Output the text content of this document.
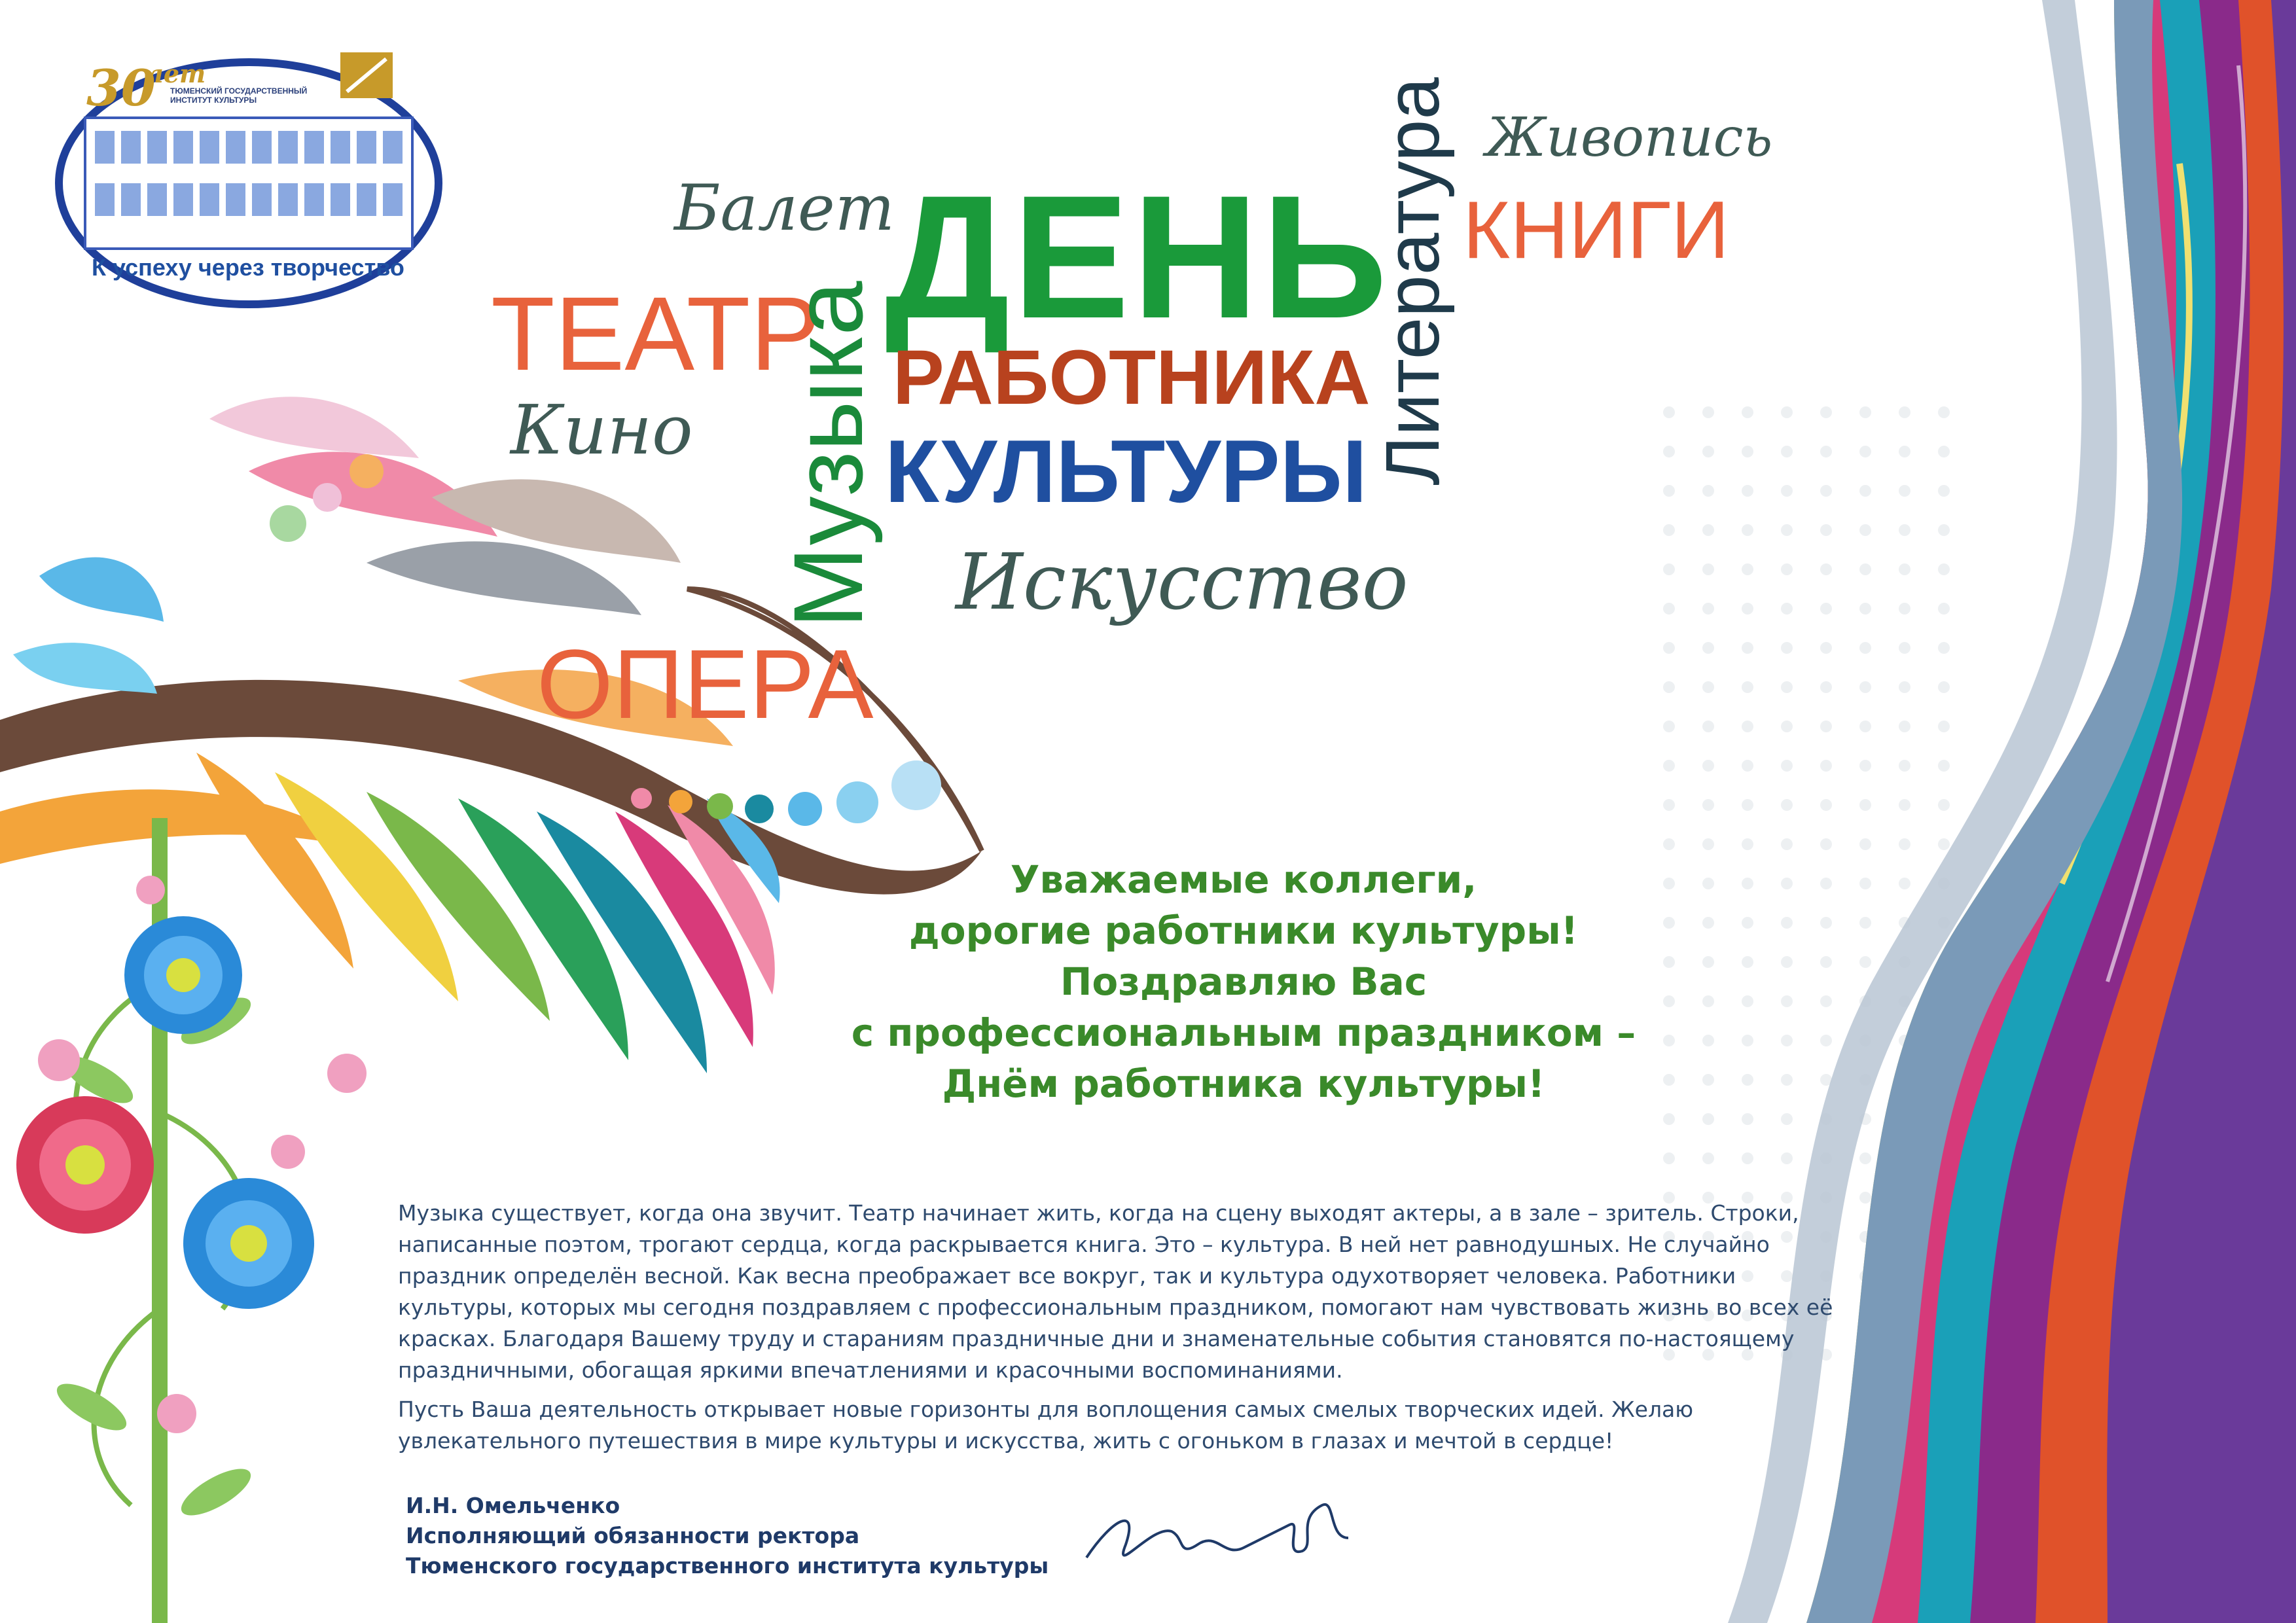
30
лет
ТЮМЕНСКИЙ ГОСУДАРСТВЕННЫЙ ИНСТИТУТ КУЛЬТУРЫ
К успеху через творчество	ДЕНЬ
РАБОТНИКА
КУЛЬТУРЫ
Балет
ТЕАТР
Кино Музыка Искусство
ОПЕРА
Литература Живопись
КНИГИ
Уважаемые коллеги,
дорогие работники культуры!
Поздравляю Вас
с профессиональным праздником –
Днём работника культуры!

Музыка существует, когда она звучит. Театр начинает жить, когда на сцену выходят актеры, а в зале – зритель. Строки, написанные поэтом, трогают сердца, когда раскрывается книга. Это – культура. В ней нет равнодушных. Не случайно праздник определён весной. Как весна преображает все вокруг, так и культура одухотворяет человека. Работники культуры, которых мы сегодня поздравляем с профессиональным праздником, помогают нам чувствовать жизнь во всех её красках. Благодаря Вашему труду и стараниям праздничные дни и знаменательные события становятся по-настоящему праздничными, обогащая яркими впечатлениями и красочными воспоминаниями.

Пусть Ваша деятельность открывает новые горизонты для воплощения самых смелых творческих идей. Желаю увлекательного путешествия в мире культуры и искусства, жить с огоньком в глазах и мечтой в сердце!

И.Н. Омельченко
Исполняющий обязанности ректора
Тюменского государственного института культуры
